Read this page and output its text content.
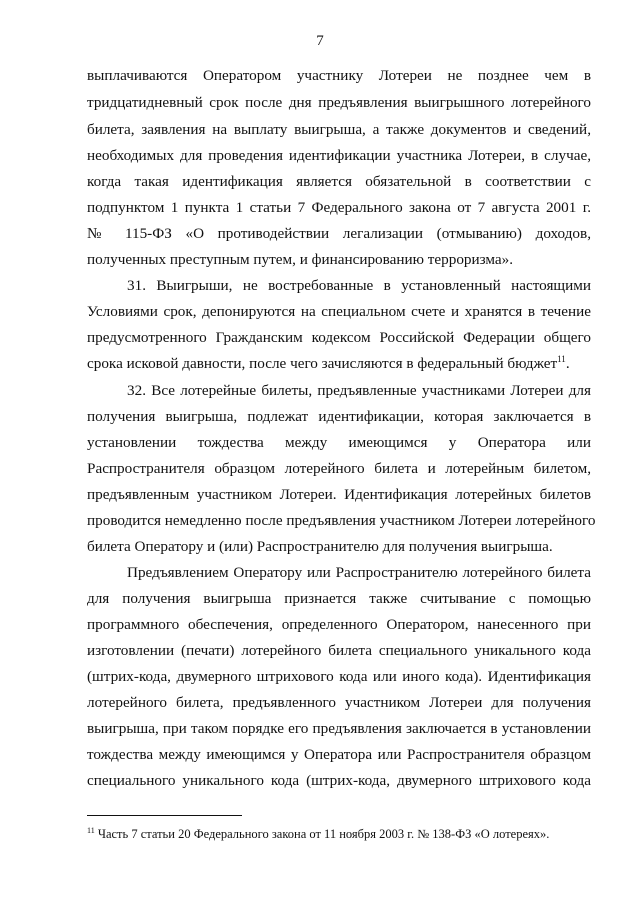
7
выплачиваются Оператором участнику Лотереи не позднее чем в
тридцатидневный срок после дня предъявления выигрышного лотерейного
билета, заявления на выплату выигрыша, а также документов и сведений,
необходимых для проведения идентификации участника Лотереи, в случае,
когда такая идентификация является обязательной в соответствии с
подпунктом 1 пункта 1 статьи 7 Федерального закона от 7 августа 2001 г.
№ 115-ФЗ «О противодействии легализации (отмыванию) доходов,
полученных преступным путем, и финансированию терроризма».
31. Выигрыши, не востребованные в установленный настоящими
Условиями срок, депонируются на специальном счете и хранятся в течение
предусмотренного Гражданским кодексом Российской Федерации общего
срока исковой давности, после чего зачисляются в федеральный бюджет$^{11}$.
32. Все лотерейные билеты, предъявленные участниками Лотереи для
получения выигрыша, подлежат идентификации, которая заключается в
установлении тождества между имеющимся у Оператора или
Распространителя образцом лотерейного билета и лотерейным билетом,
предъявленным участником Лотереи. Идентификация лотерейных билетов
проводится немедленно после предъявления участником Лотереи лотерейного
билета Оператору и (или) Распространителю для получения выигрыша.
Предъявлением Оператору или Распространителю лотерейного билета
для получения выигрыша признается также считывание с помощью
программного обеспечения, определенного Оператором, нанесенного при
изготовлении (печати) лотерейного билета специального уникального кода
(штрих-кода, двумерного штрихового кода или иного кода). Идентификация
лотерейного билета, предъявленного участником Лотереи для получения
выигрыша, при таком порядке его предъявления заключается в установлении
тождества между имеющимся у Оператора или Распространителя образцом
специального уникального кода (штрих-кода, двумерного штрихового кода
$^{11}$ Часть 7 статьи 20 Федерального закона от 11 ноября 2003 г. № 138-ФЗ «О лотереях».
